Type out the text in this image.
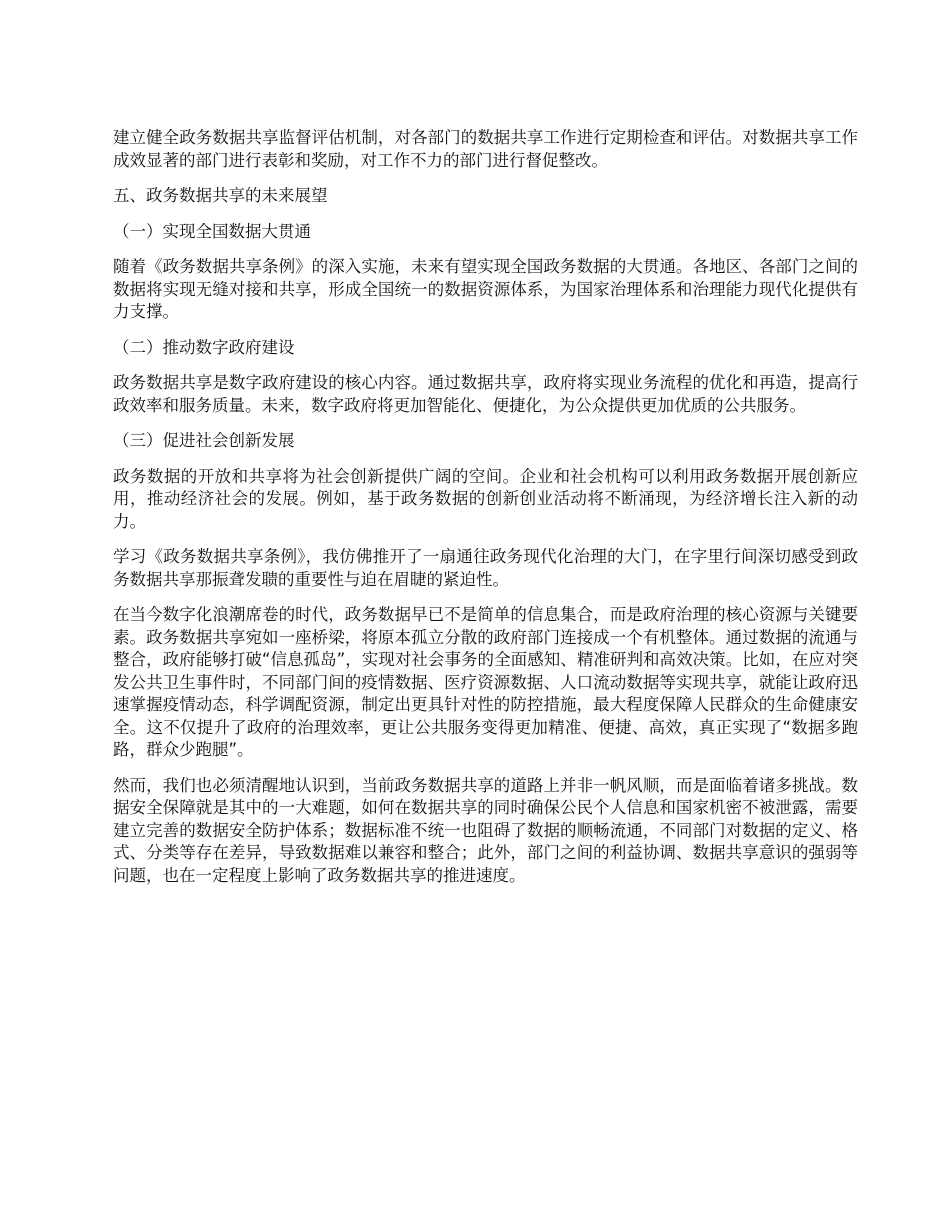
建立健全政务数据共享监督评估机制，对各部门的数据共享工作进行定期检查和评估。对数据共享工作成效显著的部门进行表彰和奖励，对工作不力的部门进行督促整改。

五、政务数据共享的未来展望

（一）实现全国数据大贯通

随着《政务数据共享条例》的深入实施，未来有望实现全国政务数据的大贯通。各地区、各部门之间的数据将实现无缝对接和共享，形成全国统一的数据资源体系，为国家治理体系和治理能力现代化提供有力支撑。

（二）推动数字政府建设

政务数据共享是数字政府建设的核心内容。通过数据共享，政府将实现业务流程的优化和再造，提高行政效率和服务质量。未来，数字政府将更加智能化、便捷化，为公众提供更加优质的公共服务。

（三）促进社会创新发展

政务数据的开放和共享将为社会创新提供广阔的空间。企业和社会机构可以利用政务数据开展创新应用，推动经济社会的发展。例如，基于政务数据的创新创业活动将不断涌现，为经济增长注入新的动力。

学习《政务数据共享条例》，我仿佛推开了一扇通往政务现代化治理的大门，在字里行间深切感受到政务数据共享那振聋发聩的重要性与迫在眉睫的紧迫性。

在当今数字化浪潮席卷的时代，政务数据早已不是简单的信息集合，而是政府治理的核心资源与关键要素。政务数据共享宛如一座桥梁，将原本孤立分散的政府部门连接成一个有机整体。通过数据的流通与整合，政府能够打破“信息孤岛”，实现对社会事务的全面感知、精准研判和高效决策。比如，在应对突发公共卫生事件时，不同部门间的疫情数据、医疗资源数据、人口流动数据等实现共享，就能让政府迅速掌握疫情动态，科学调配资源，制定出更具针对性的防控措施，最大程度保障人民群众的生命健康安全。这不仅提升了政府的治理效率，更让公共服务变得更加精准、便捷、高效，真正实现了“数据多跑路，群众少跑腿”。

然而，我们也必须清醒地认识到，当前政务数据共享的道路上并非一帆风顺，而是面临着诸多挑战。数据安全保障就是其中的一大难题，如何在数据共享的同时确保公民个人信息和国家机密不被泄露，需要建立完善的数据安全防护体系；数据标准不统一也阻碍了数据的顺畅流通，不同部门对数据的定义、格式、分类等存在差异，导致数据难以兼容和整合；此外，部门之间的利益协调、数据共享意识的强弱等问题，也在一定程度上影响了政务数据共享的推进速度。
